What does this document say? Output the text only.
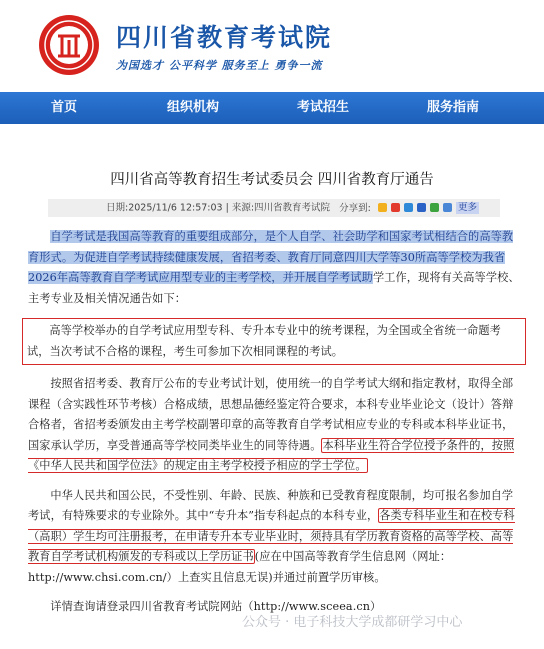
四川省教育考试院
为国选才 公平科学 服务至上 勇争一流
首页	组织机构	考试招生	服务指南
四川省高等教育招生考试委员会 四川省教育厅通告
日期:2025/11/6 12:57:03 | 来源:四川省教育考试院 分享到:	更多
自学考试是我国高等教育的重要组成部分，是个人自学、社会助学和国家考试相结合的高等教育形式。为促进自学考试持续健康发展，省招考委、教育厅同意四川大学等30所高等学校为我省2026年高等教育自学考试应用型专业的主考学校，并开展自学考试助学工作，现将有关高等学校、主考专业及相关情况通告如下：
高等学校举办的自学考试应用型专科、专升本专业中的统考课程，为全国或全省统一命题考试，当次考试不合格的课程，考生可参加下次相同课程的考试。
按照省招考委、教育厅公布的专业考试计划，使用统一的自学考试大纲和指定教材，取得全部课程（含实践性环节考核）合格成绩，思想品德经鉴定符合要求，本科专业毕业论文（设计）答辩合格者，省招考委颁发由主考学校副署印章的高等教育自学考试相应专业的专科或本科毕业证书，国家承认学历，享受普通高等学校同类毕业生的同等待遇。本科毕业生符合学位授予条件的，按照《中华人民共和国学位法》的规定由主考学校授予相应的学士学位。
中华人民共和国公民，不受性别、年龄、民族、种族和已受教育程度限制，均可报名参加自学考试，有特殊要求的专业除外。其中“专升本”指专科起点的本科专业，各类专科毕业生和在校专科（高职）学生均可注册报考，在申请专升本专业毕业时，须持具有学历教育资格的高等学校、高等教育自学考试机构颁发的专科或以上学历证书(应在中国高等教育学生信息网（网址：http://www.chsi.com.cn/）上查实且信息无误)并通过前置学历审核。
详情查询请登录四川省教育考试院网站（http://www.sceea.cn）
公众号 · 电子科技大学成都研学习中心
